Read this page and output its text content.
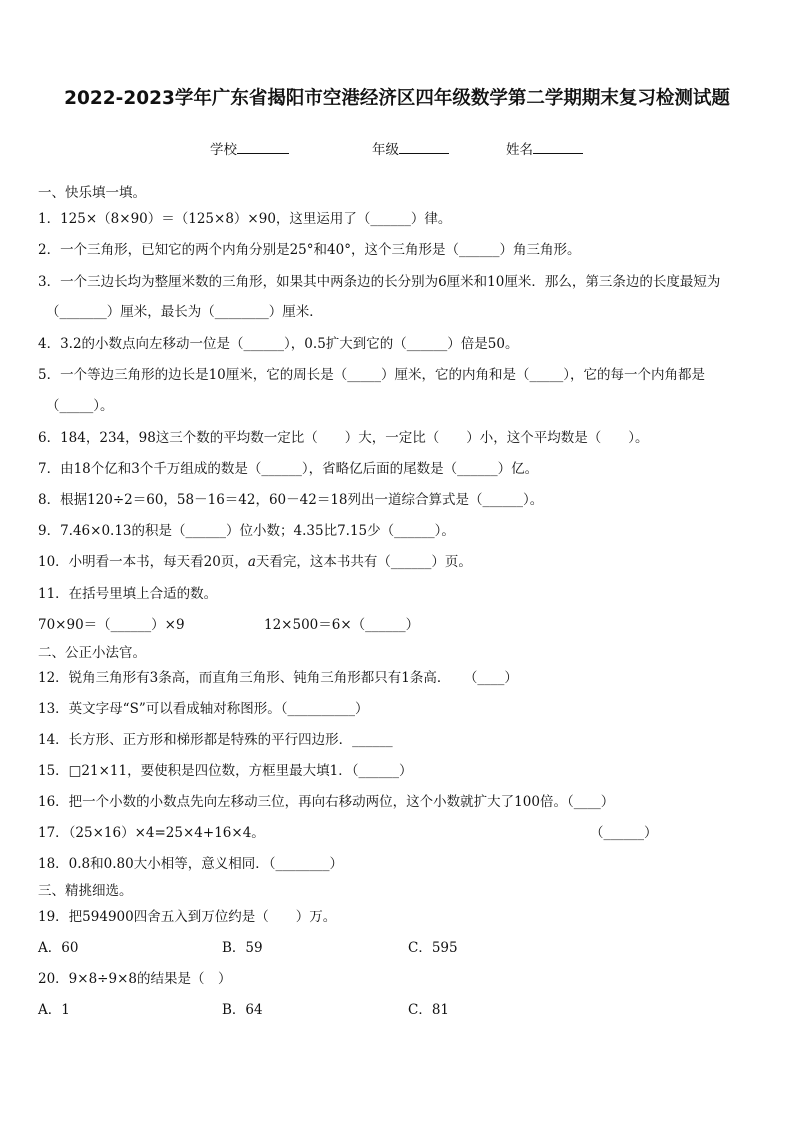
2022-2023学年广东省揭阳市空港经济区四年级数学第二学期期末复习检测试题
学校	年级	姓名
一、快乐填一填。
1．125×（8×90）＝（125×8）×90，这里运用了（______）律。
2．一个三角形，已知它的两个内角分别是25°和40°，这个三角形是（______）角三角形。
3．一个三边长均为整厘米数的三角形，如果其中两条边的长分别为6厘米和10厘米．那么，第三条边的长度最短为
（_______）厘米，最长为（________）厘米．
4．3.2的小数点向左移动一位是（______），0.5扩大到它的（______）倍是50。
5．一个等边三角形的边长是10厘米，它的周长是（_____）厘米，它的内角和是（_____），它的每一个内角都是
（_____）。
6．184，234，98这三个数的平均数一定比（　　）大，一定比（　　）小，这个平均数是（　　）。
7．由18个亿和3个千万组成的数是（______），省略亿后面的尾数是（______）亿。
8．根据120÷2＝60，58－16＝42，60－42＝18列出一道综合算式是（______）。
9．7.46×0.13的积是（______）位小数；4.35比7.15少（______）。
10．小明看一本书，每天看20页，𝑎天看完，这本书共有（______）页。
11．在括号里填上合适的数。
70×90＝（______）×9	12×500＝6×（______）
二、公正小法官。
12．锐角三角形有3条高，而直角三角形、钝角三角形都只有1条高．　　（____）
13．英文字母“S”可以看成轴对称图形。（__________）
14．长方形、正方形和梯形都是特殊的平行四边形．______
15．□21×11，要使积是四位数，方框里最大填1．（______）
16．把一个小数的小数点先向左移动三位，再向右移动两位，这个小数就扩大了100倍。（____）
17．（25×16）×4=25×4+16×4。	（______）
18．0.8和0.80大小相等，意义相同．（________）
三、精挑细选。
19．把594900四舍五入到万位约是（　　）万。
A．60	B．59	C．595
20．9×8÷9×8的结果是（　）
A．1	B．64	C．81
